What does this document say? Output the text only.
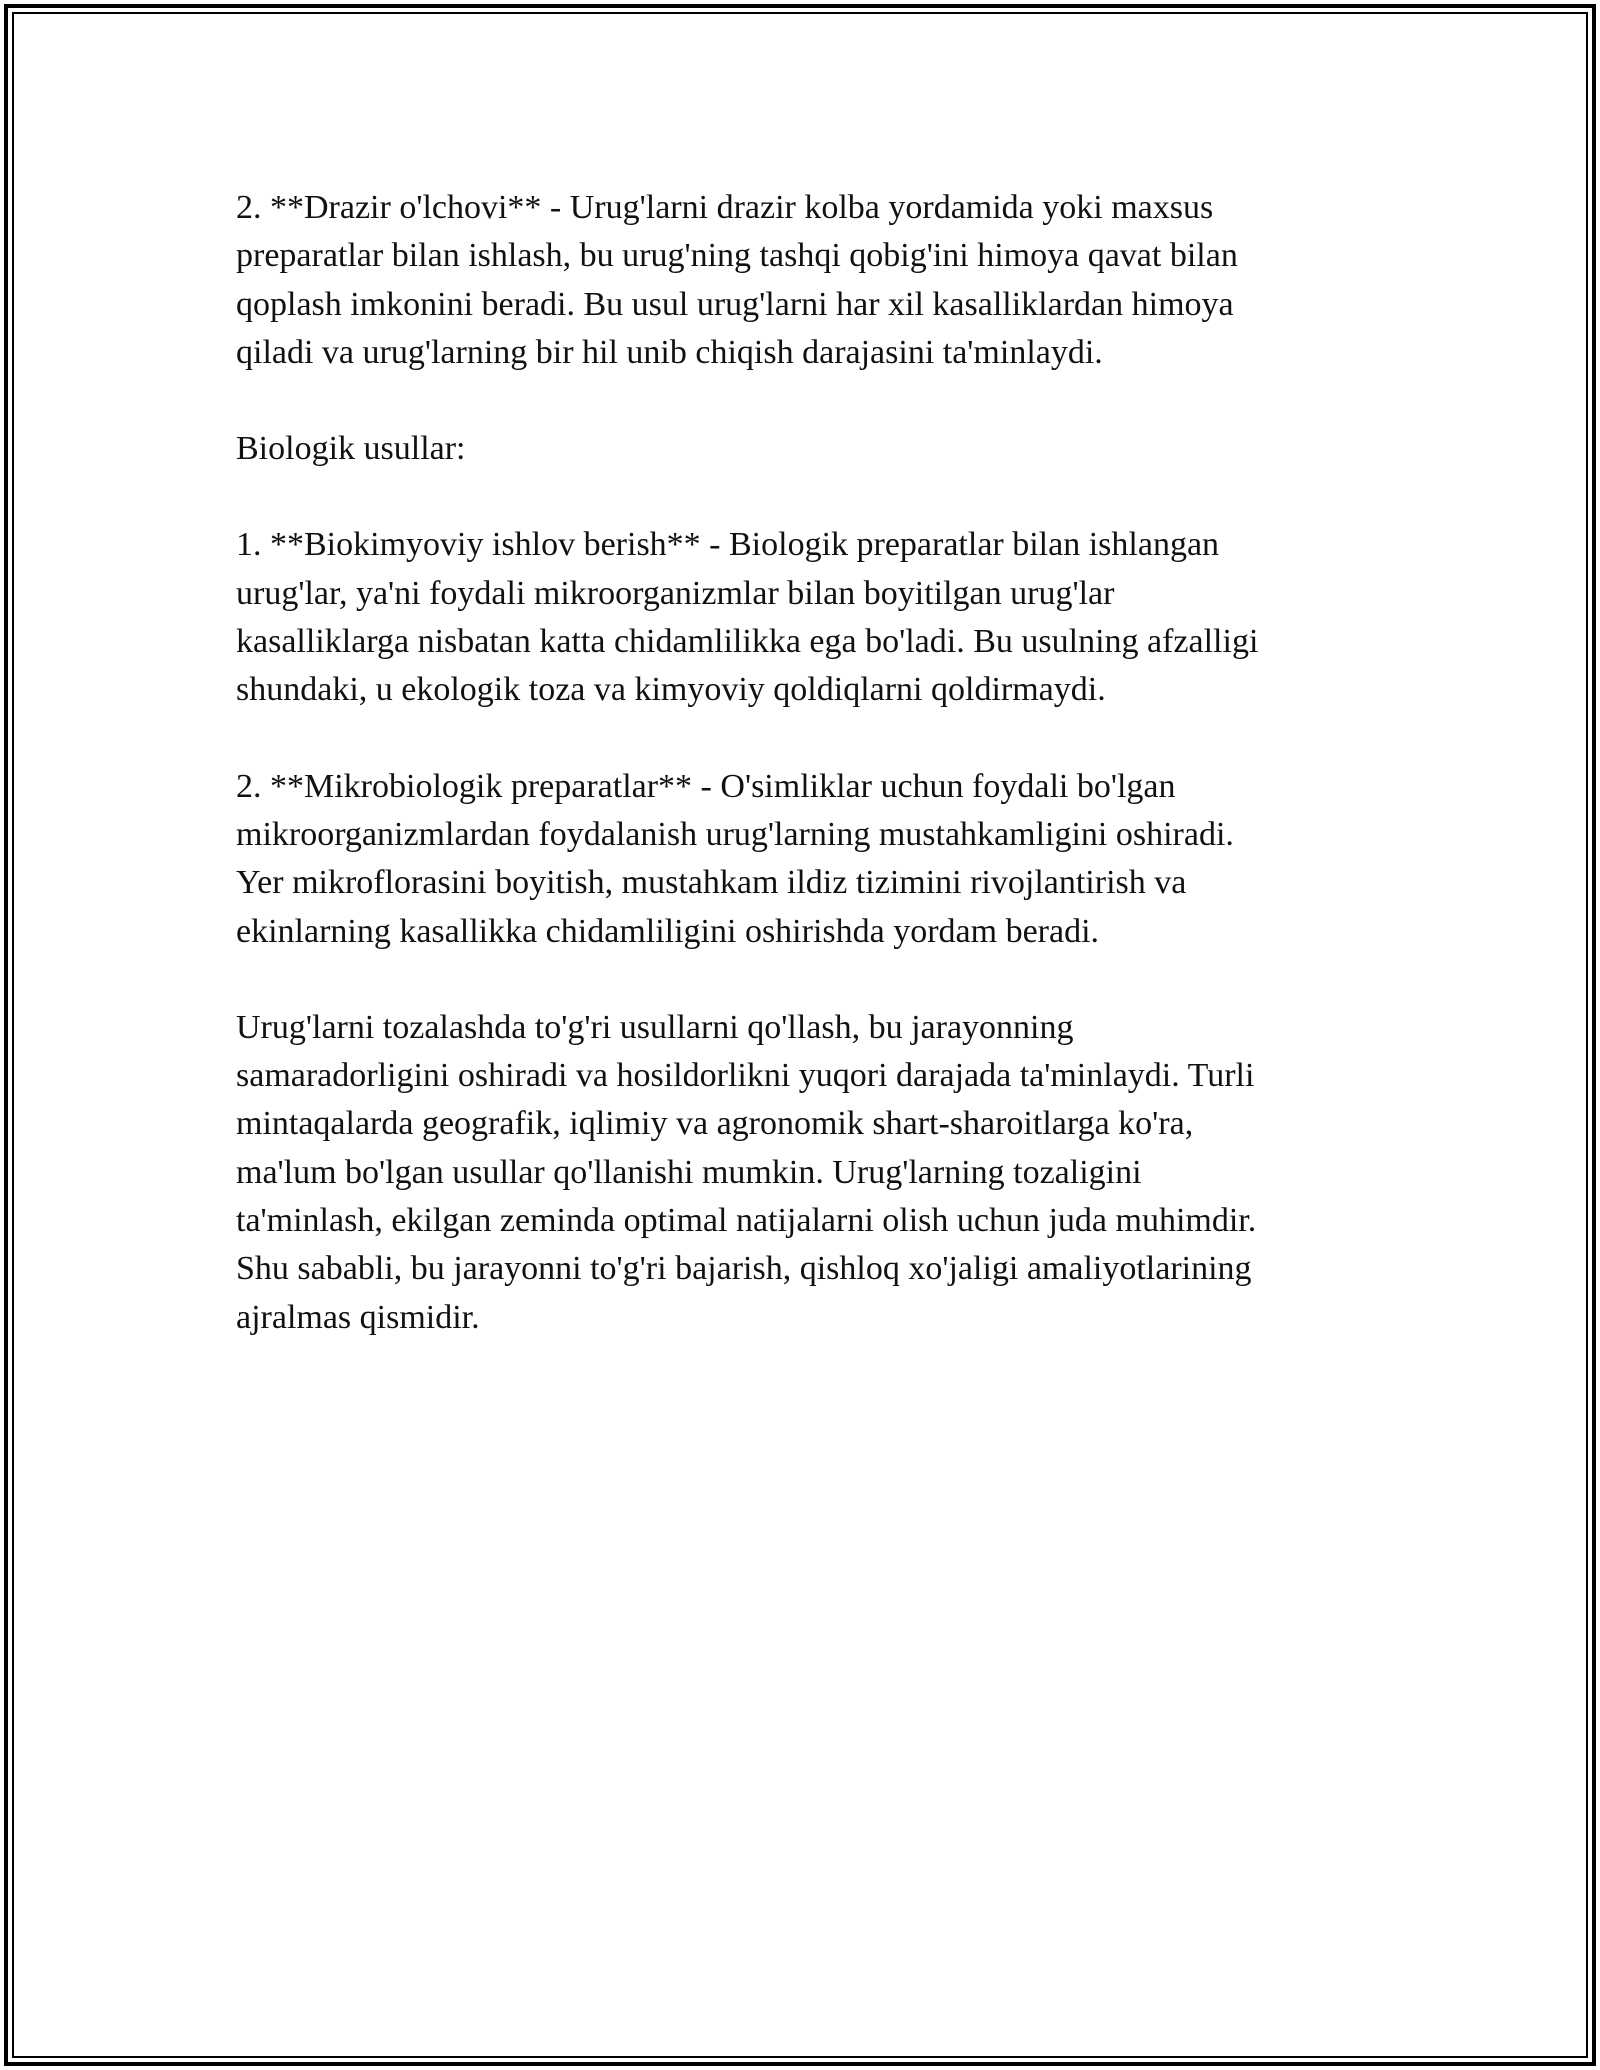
2. **Drazir o'lchovi** - Urug'larni drazir kolba yordamida yoki maxsus
preparatlar bilan ishlash, bu urug'ning tashqi qobig'ini himoya qavat bilan
qoplash imkonini beradi. Bu usul urug'larni har xil kasalliklardan himoya
qiladi va urug'larning bir hil unib chiqish darajasini ta'minlaydi.

Biologik usullar:

1. **Biokimyoviy ishlov berish** - Biologik preparatlar bilan ishlangan
urug'lar, ya'ni foydali mikroorganizmlar bilan boyitilgan urug'lar
kasalliklarga nisbatan katta chidamlilikka ega bo'ladi. Bu usulning afzalligi
shundaki, u ekologik toza va kimyoviy qoldiqlarni qoldirmaydi.

2. **Mikrobiologik preparatlar** - O'simliklar uchun foydali bo'lgan
mikroorganizmlardan foydalanish urug'larning mustahkamligini oshiradi.
Yer mikroflorasini boyitish, mustahkam ildiz tizimini rivojlantirish va
ekinlarning kasallikka chidamliligini oshirishda yordam beradi.

Urug'larni tozalashda to'g'ri usullarni qo'llash, bu jarayonning
samaradorligini oshiradi va hosildorlikni yuqori darajada ta'minlaydi. Turli
mintaqalarda geografik, iqlimiy va agronomik shart-sharoitlarga ko'ra,
ma'lum bo'lgan usullar qo'llanishi mumkin. Urug'larning tozaligini
ta'minlash, ekilgan zeminda optimal natijalarni olish uchun juda muhimdir.
Shu sababli, bu jarayonni to'g'ri bajarish, qishloq xo'jaligi amaliyotlarining
ajralmas qismidir.
